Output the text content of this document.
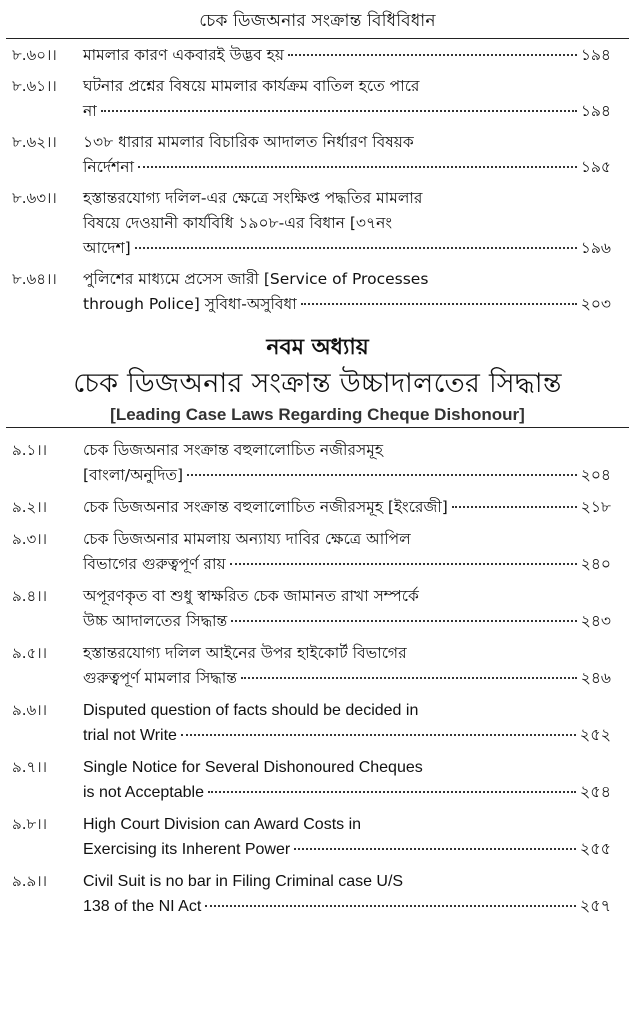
চেক ডিজঅনার সংক্রান্ত বিধিবিধান
৮.৬০।।	মামলার কারণ একবারই উদ্ভব হয়	১৯৪
৮.৬১।।	ঘটনার প্রশ্নের বিষয়ে মামলার কার্যক্রম বাতিল হতে পারে
না	১৯৪
৮.৬২।।	১৩৮ ধারার মামলার বিচারিক আদালত নির্ধারণ বিষয়ক
নির্দেশনা	১৯৫
৮.৬৩।।	হস্তান্তরযোগ্য দলিল-এর ক্ষেত্রে সংক্ষিপ্ত পদ্ধতির মামলার
বিষয়ে দেওয়ানী কার্যবিধি ১৯০৮-এর বিধান [৩৭নং
আদেশ]	১৯৬
৮.৬৪।।	পুলিশের মাধ্যমে প্রসেস জারী [Service of Processes
through Police] সুবিধা-অসুবিধা	২০৩
নবম অধ্যায়
চেক ডিজঅনার সংক্রান্ত উচ্চাদালতের সিদ্ধান্ত
[Leading Case Laws Regarding Cheque Dishonour]
৯.১।।	চেক ডিজঅনার সংক্রান্ত বহুলালোচিত নজীরসমূহ
[বাংলা/অনুদিত]	২০৪
৯.২।।	চেক ডিজঅনার সংক্রান্ত বহুলালোচিত নজীরসমূহ [ইংরেজী]	২১৮
৯.৩।।	চেক ডিজঅনার মামলায় অন্যায্য দাবির ক্ষেত্রে আপিল
বিভাগের গুরুত্বপূর্ণ রায়	২৪০
৯.৪।।	অপূরণকৃত বা শুধু স্বাক্ষরিত চেক জামানত রাখা সম্পর্কে
উচ্চ আদালতের সিদ্ধান্ত	২৪৩
৯.৫।।	হস্তান্তরযোগ্য দলিল আইনের উপর হাইকোর্ট বিভাগের
গুরুত্বপূর্ণ মামলার সিদ্ধান্ত	২৪৬
৯.৬।।	Disputed question of facts should be decided in
trial not Write	২৫২
৯.৭।।	Single Notice for Several Dishonoured Cheques
is not Acceptable	২৫৪
৯.৮।।	High Court Division can Award Costs in
Exercising its Inherent Power	২৫৫
৯.৯।।	Civil Suit is no bar in Filing Criminal case U/S
138 of the NI Act	২৫৭
